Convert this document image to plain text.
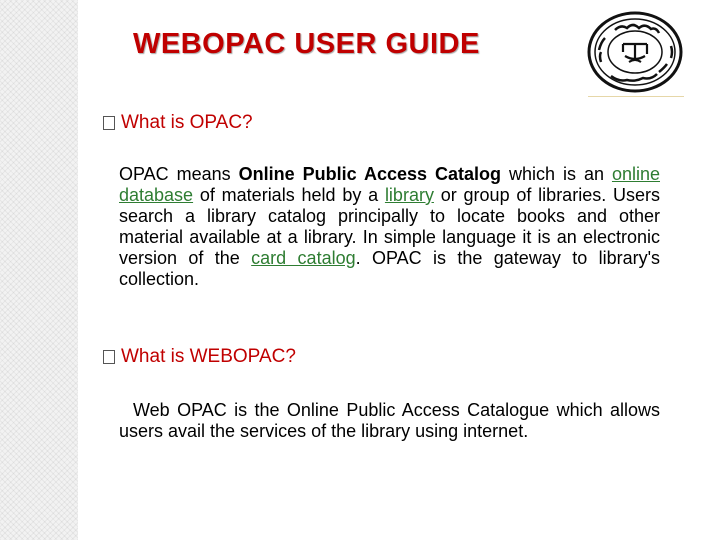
WEBOPAC USER GUIDE

What is OPAC?

OPAC means Online Public Access Catalog which is an online database of materials held by a library or group of libraries. Users search a library catalog principally to locate books and other material available at a library. In simple language it is an electronic version of the card catalog. OPAC is the gateway to library's collection.

What is WEBOPAC?

Web OPAC is the Online Public Access Catalogue which allows users avail the services of the library using internet.
